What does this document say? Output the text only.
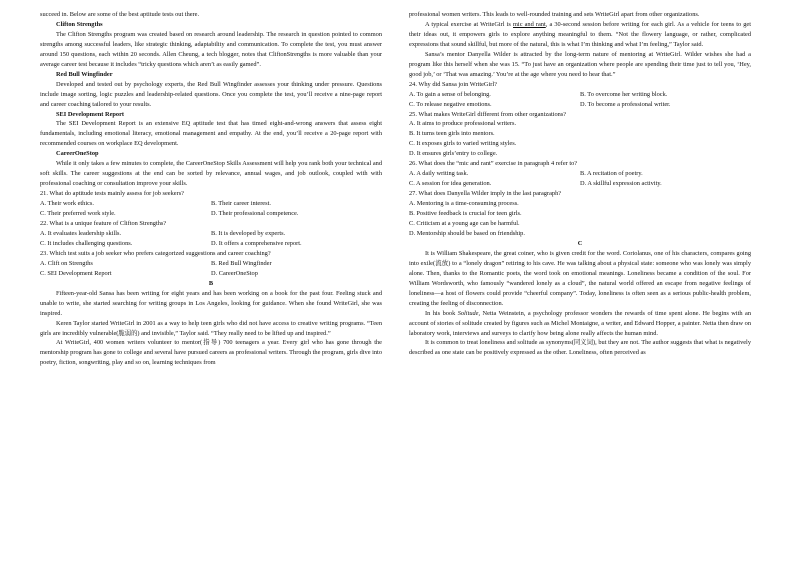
succeed in. Below are some of the best aptitude tests out there.
Clifton Strengths
The Clifton Strengths program was created based on research around leadership. The research in question pointed to common strengths among successful leaders, like strategic thinking, adaptability and communication. To complete the test, you must answer around 150 questions, each within 20 seconds. Allen Cheung, a tech blogger, notes that CliftonStrengths is more valuable than your average career test because it includes “tricky questions which aren’t as easily gamed”.
Red Bull Wingfinder
Developed and tested out by psychology experts, the Red Bull Wingfinder assesses your thinking under pressure. Questions include image sorting, logic puzzles and leadership-related questions. Once you complete the test, you’ll receive a nine-page report and career coaching tailored to your results.
SEI Development Report
The SEI Development Report is an extensive EQ aptitude test that has timed eight-and-wrong answers that assess eight fundamentals, including emotional literacy, emotional management and empathy. At the end, you’ll receive a 20-page report with recommended courses on workplace EQ development.
CareerOneStop
While it only takes a few minutes to complete, the CareerOneStop Skills Assessment will help you rank both your technical and soft skills. The career suggestions at the end can be sorted by relevance, annual wages, and job outlook, coupled with with professional coaching or consultation improve your skills.
21. What do aptitude tests mainly assess for job seekers?
A. Their work ethics.	B. Their career interest.
C. Their preferred work style.	D. Their professional competence.
22. What is a unique feature of Clifton Strengths?
A. It evaluates leadership skills.	B. It is developed by experts.
C. It includes challenging questions.	D. It offers a comprehensive report.
23. Which test suits a job seeker who prefers categorized suggestions and career coaching?
A. Clift on Strengths	B. Red Bull Wingfinder
C. SEI Development Report	D. CareerOneStop
B
Fifteen-year-old Sansa has been writing for eight years and has been working on a book for the past four. Feeling stuck and unable to write, she started searching for writing groups in Los Angeles, looking for guidance. When she found WriteGirl, she was inspired.
Keren Taylor started WriteGirl in 2001 as a way to help teen girls who did not have access to creative writing programs. “Teen girls are incredibly vulnerable(脆弱的) and invisible,” Taylor said. “They really need to be lifted up and inspired.”
At WriteGirl, 400 women writers volunteer to mentor(指导) 700 teenagers a year. Every girl who has gone through the mentorship program has gone to college and several have pursued careers as professional writers. Through the program, girls dive into poetry, fiction, songwriting, play and so on, learning techniques from
professional women writers. This leads to well-rounded training and sets WriteGirl apart from other organizations.
A typical exercise at WriteGirl is mic and rant, a 30-second session before writing for each girl. As a vehicle for teens to get their ideas out, it empowers girls to explore anything meaningful to them. “Not the flowery language, or rather, complicated expressions that sound skillful, but more of the natural, this is what I’m thinking and what I’m feeling,” Taylor said.
Sansa’s mentor Danyella Wilder is attracted by the long-term nature of mentoring at WriteGirl. Wilder wishes she had a program like this herself when she was 15. “To just have an organization where people are spending their time just to tell you, ‘Hey, good job,’ or ‘That was amazing.’ You’re at the age where you need to hear that.”
24. Why did Sansa join WriteGirl?
A. To gain a sense of belonging.	B. To overcome her writing block.
C. To release negative emotions.	D. To become a professional writer.
25. What makes WriteGirl different from other organizations?
A. It aims to produce professional writers.
B. It turns teen girls into mentors.
C. It exposes girls to varied writing styles.
D. It ensures girls’entry to college.
26. What does the “mic and rant” exercise in paragraph 4 refer to?
A. A daily writing task.	B. A recitation of poetry.
C. A session for idea generation.	D. A skillful expression activity.
27. What does Danyella Wilder imply in the last paragraph?
A. Mentoring is a time-consuming process.
B. Positive feedback is crucial for teen girls.
C. Criticism at a young age can be harmful.
D. Mentorship should be based on friendship.
C
It is William Shakespeare, the great coiner, who is given credit for the word. Coriolanus, one of his characters, compares going into exile(流放) to a “lonely dragon” retiring to his cave. He was talking about a physical state: someone who was lonely was simply alone. Then, thanks to the Romantic poets, the word took on emotional meanings. Loneliness became a condition of the soul. For William Wordsworth, who famously “wandered lonely as a cloud”, the natural world offered an escape from negative feelings of loneliness—a host of flowers could provide “cheerful company”. Today, loneliness is often seen as a serious public-health problem, creating the feeling of disconnection.
In his book Solitude, Netta Weinstein, a psychology professor wonders the rewards of time spent alone. He begins with an account of stories of solitude created by figures such as Michel Montaigne, a writer, and Edward Hopper, a painter. Netta then draw on laboratory work, interviews and surveys to clarify how being alone really affects the human mind.
It is common to treat loneliness and solitude as synonyms(同义词), but they are not. The author suggests that what is negatively described as one state can be positively expressed as the other. Loneliness, often perceived as
